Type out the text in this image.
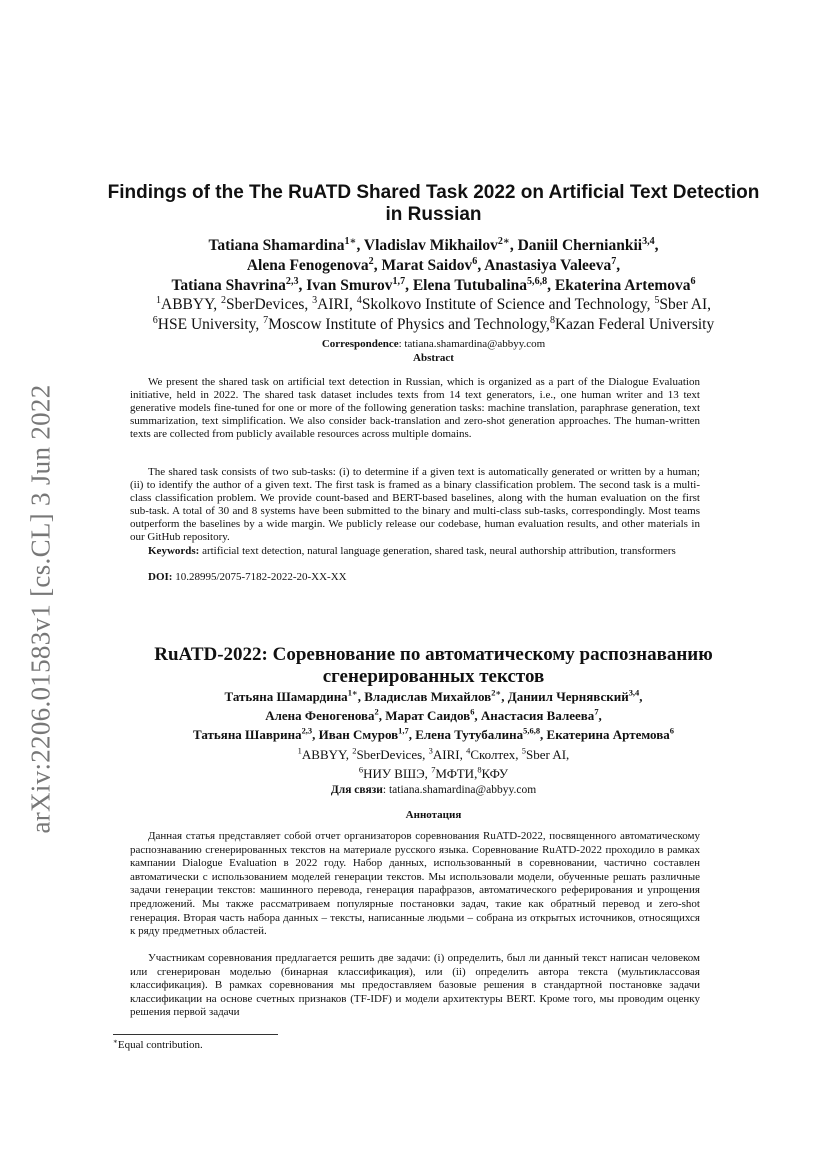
arXiv:2206.01583v1 [cs.CL] 3 Jun 2022
Findings of the The RuATD Shared Task 2022 on Artificial Text Detection
in Russian
Tatiana Shamardina$^{1∗}$, Vladislav Mikhailov$^{2∗}$, Daniil Cherniankii$^{3,4}$,
Alena Fenogenova$^2$, Marat Saidov$^6$, Anastasiya Valeeva$^7$,
Tatiana Shavrina$^{2,3}$, Ivan Smurov$^{1,7}$, Elena Tutubalina$^{5,6,8}$, Ekaterina Artemova$^6$
$^1$ABBYY, $^2$SberDevices, $^3$AIRI, $^4$Skolkovo Institute of Science and Technology, $^5$Sber AI,
$^6$HSE University, $^7$Moscow Institute of Physics and Technology,$^8$Kazan Federal University
Correspondence: tatiana.shamardina@abbyy.com
Abstract

We present the shared task on artificial text detection in Russian, which is organized as a part of the Dialogue Evaluation initiative, held in 2022. The shared task dataset includes texts from 14 text generators, i.e., one human writer and 13 text generative models fine-tuned for one or more of the following generation tasks: machine translation, paraphrase generation, text summarization, text simplification. We also consider back-translation and zero-shot generation approaches. The human-written texts are collected from publicly available resources across multiple domains.

The shared task consists of two sub-tasks: (i) to determine if a given text is automatically generated or written by a human; (ii) to identify the author of a given text. The first task is framed as a binary classification problem. The second task is a multi-class classification problem. We provide count-based and BERT-based baselines, along with the human evaluation on the first sub-task. A total of 30 and 8 systems have been submitted to the binary and multi-class sub-tasks, correspondingly. Most teams outperform the baselines by a wide margin. We publicly release our codebase, human evaluation results, and other materials in our GitHub repository.

Keywords: artificial text detection, natural language generation, shared task, neural authorship attribution, transformers

DOI: 10.28995/2075-7182-2022-20-XX-XX

RuATD-2022: Соревнование по автоматическому распознаванию
сгенерированных текстов
Татьяна Шамардина$^{1∗}$, Владислав Михайлов$^{2∗}$, Даниил Чернявский$^{3,4}$,
Алена Феногенова$^2$, Марат Саидов$^6$, Анастасия Валеева$^7$,
Татьяна Шаврина$^{2,3}$, Иван Смуров$^{1,7}$, Елена Тутубалина$^{5,6,8}$, Екатерина Артемова$^6$
$^1$ABBYY, $^2$SberDevices, $^3$AIRI, $^4$Сколтех, $^5$Sber AI,
$^6$НИУ ВШЭ, $^7$МФТИ,$^8$КФУ
Для связи: tatiana.shamardina@abbyy.com
Аннотация

Данная статья представляет собой отчет организаторов соревнования RuATD-2022, посвященного автоматическому распознаванию сгенерированных текстов на материале русского языка. Соревнование RuATD-2022 проходило в рамках кампании Dialogue Evaluation в 2022 году. Набор данных, использованный в соревновании, частично составлен автоматически с использованием моделей генерации текстов. Мы использовали модели, обученные решать различные задачи генерации текстов: машинного перевода, генерация парафразов, автоматического реферирования и упрощения предложений. Мы также рассматриваем популярные постановки задач, такие как обратный перевод и zero-shot генерация. Вторая часть набора данных – тексты, написанные людьми – собрана из открытых источников, относящихся к ряду предметных областей.

Участникам соревнования предлагается решить две задачи: (i) определить, был ли данный текст написан человеком или сгенерирован моделью (бинарная классификация), или (ii) определить автора текста (мультиклассовая классификация). В рамках соревнования мы предоставляем базовые решения в стандартной постановке задачи классификации на основе счетных признаков (TF-IDF) и модели архитектуры BERT. Кроме того, мы проводим оценку решения первой задачи

∗Equal contribution.
